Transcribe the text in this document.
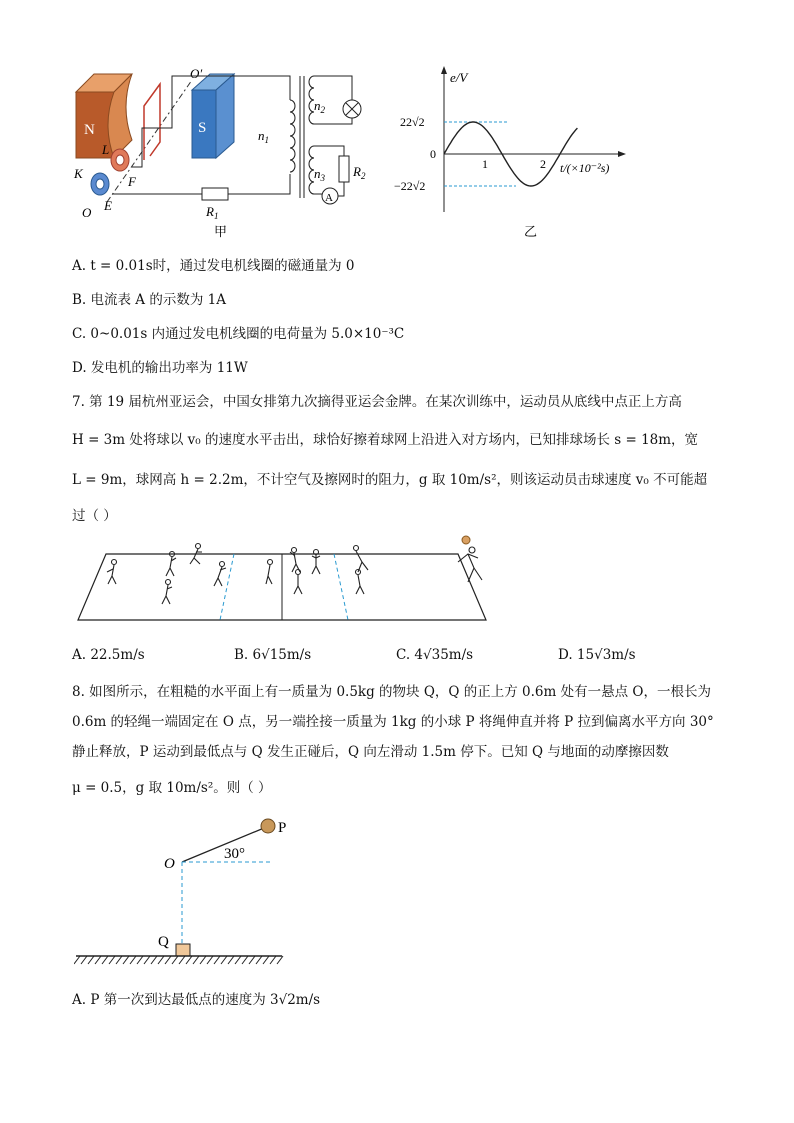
N	S
O′
O
L
K
F
E	$R_1$
$n_1$
$n_2$
$n_3$ $R_2$
A
甲
e/V
22√2
0
−22√2
1	2 t/(×10⁻²s)
乙
A. t = 0.01s时，通过发电机线圈的磁通量为 0
B. 电流表 A 的示数为 1A
C. 0~0.01s 内通过发电机线圈的电荷量为 5.0×10⁻³C
D. 发电机的输出功率为 11W
7. 第 19 届杭州亚运会，中国女排第九次摘得亚运会金牌。在某次训练中，运动员从底线中点正上方高
H = 3m 处将球以 v₀ 的速度水平击出，球恰好擦着球网上沿进入对方场内，已知排球场长 s = 18m，宽
L = 9m，球网高 h = 2.2m，不计空气及擦网时的阻力，g 取 10m/s²，则该运动员击球速度 v₀ 不可能超
过（ ）
A. 22.5m/s	B. 6√15m/s	C. 4√35m/s	D. 15√3m/s
8. 如图所示，在粗糙的水平面上有一质量为 0.5kg 的物块 Q，Q 的正上方 0.6m 处有一悬点 O，一根长为
0.6m 的轻绳一端固定在 O 点，另一端拴接一质量为 1kg 的小球 P 将绳伸直并将 P 拉到偏离水平方向 30°
静止释放，P 运动到最低点与 Q 发生正碰后，Q 向左滑动 1.5m 停下。已知 Q 与地面的动摩擦因数
μ = 0.5，g 取 10m/s²。则（ ）
P
30°
O
Q
A. P 第一次到达最低点的速度为 3√2m/s
